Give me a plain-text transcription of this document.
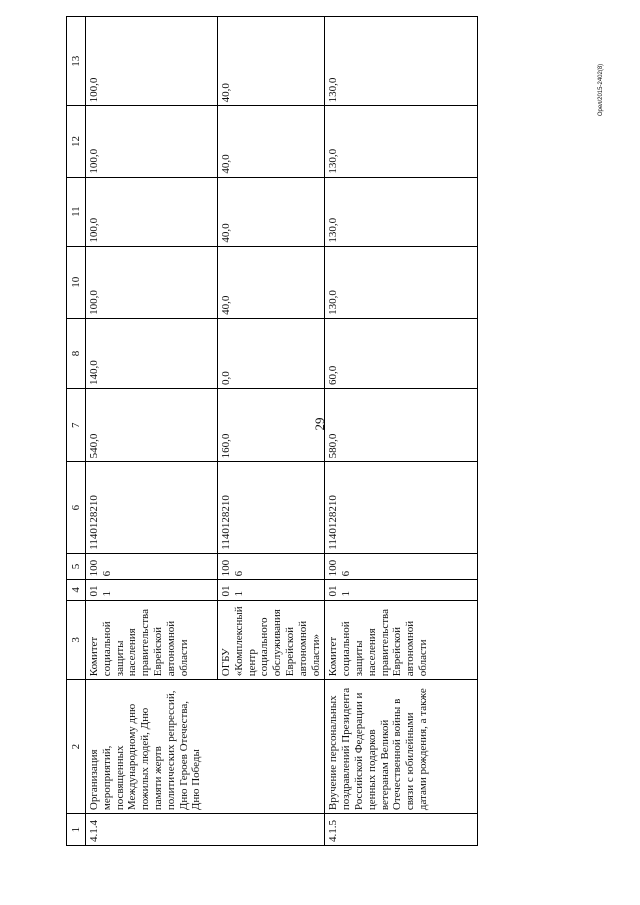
29
Орел/2015-2402(8)
1	2	3	4	5	6	7	8	10	11	12	13
4.1.4	Организация мероприятий, посвященных Международному дню пожилых людей, Дню памяти жертв политических репрессий, Дню Героев Отечества, Дню Победы	Комитет социальной защиты населения правительства Еврейской автономной области	011	1006	1140128210	540,0	140,0	100,0	100,0	100,0	100,0
		ОГБУ «Комплексный центр социального обслуживания Еврейской автономной области»	011	1006	1140128210	160,0	0,0	40,0	40,0	40,0	40,0
4.1.5	Вручение персональных поздравлений Президента Российской Федерации и ценных подарков ветеранам Великой Отечественной войны в связи с юбилейными датами рождения, а также	Комитет социальной защиты населения правительства Еврейской автономной области	011	1006	1140128210	580,0	60,0	130,0	130,0	130,0	130,0
